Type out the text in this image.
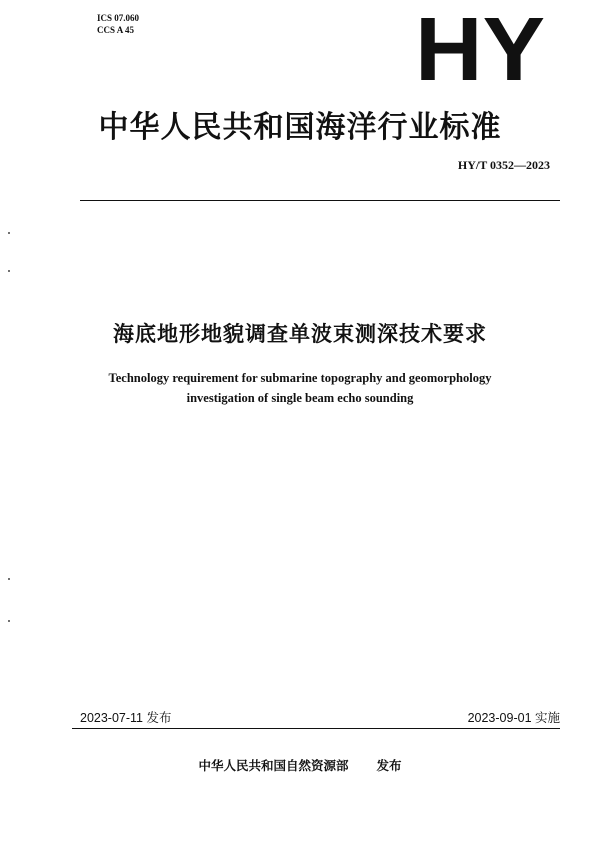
ICS 07.060
CCS A 45	HY
中华人民共和国海洋行业标准
HY/T 0352—2023
海底地形地貌调查单波束测深技术要求
Technology requirement for submarine topography and geomorphology
investigation of single beam echo sounding
2023-07-11 发布	2023-09-01 实施
中华人民共和国自然资源部 发布
